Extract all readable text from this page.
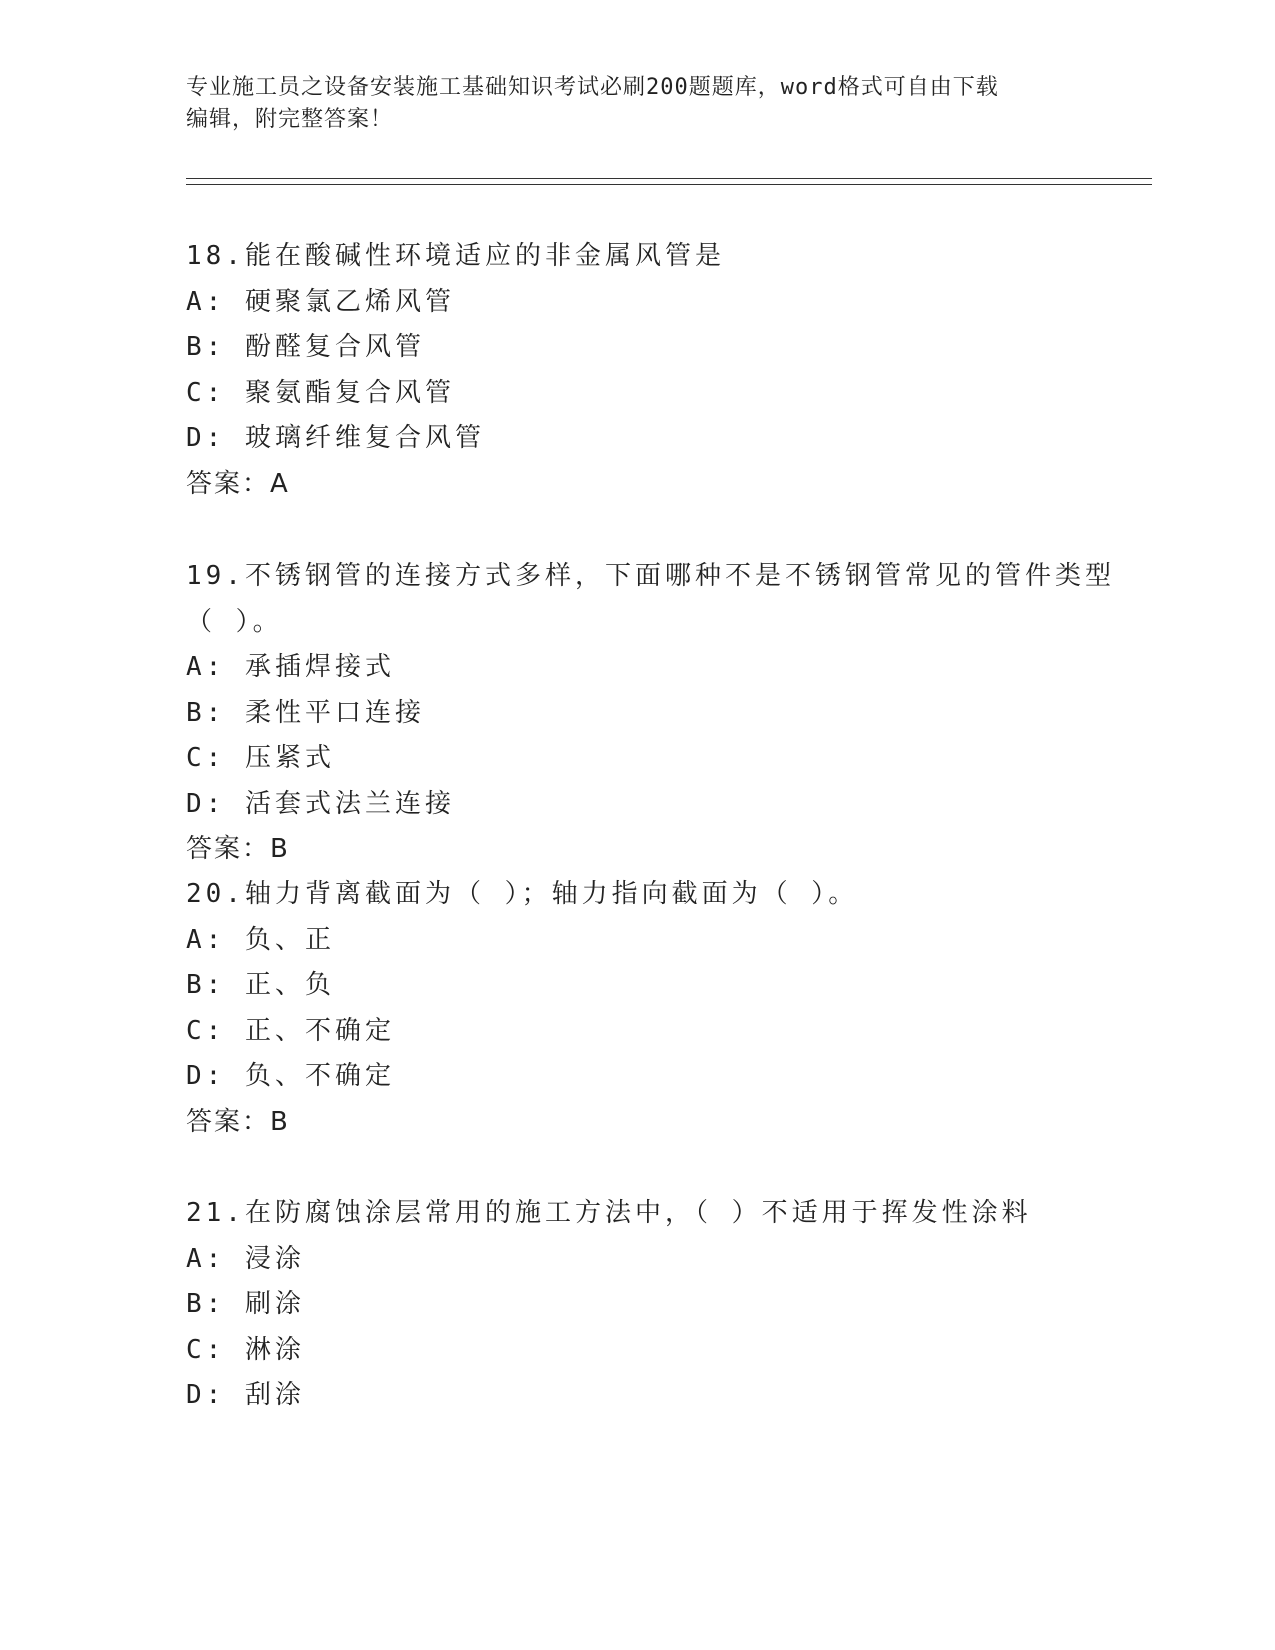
专业施工员之设备安装施工基础知识考试必刷200题题库，word格式可自由下载
编辑，附完整答案！
18.能在酸碱性环境适应的非金属风管是
A: 硬聚氯乙烯风管
B: 酚醛复合风管
C: 聚氨酯复合风管
D: 玻璃纤维复合风管
答案：A
19.不锈钢管的连接方式多样，下面哪种不是不锈钢管常见的管件类型
（ ）。
A: 承插焊接式
B: 柔性平口连接
C: 压紧式
D: 活套式法兰连接
答案：B
20.轴力背离截面为（ ）；轴力指向截面为（ ）。
A: 负、正
B: 正、负
C: 正、不确定
D: 负、不确定
答案：B
21.在防腐蚀涂层常用的施工方法中，（ ）不适用于挥发性涂料
A: 浸涂
B: 刷涂
C: 淋涂
D: 刮涂
